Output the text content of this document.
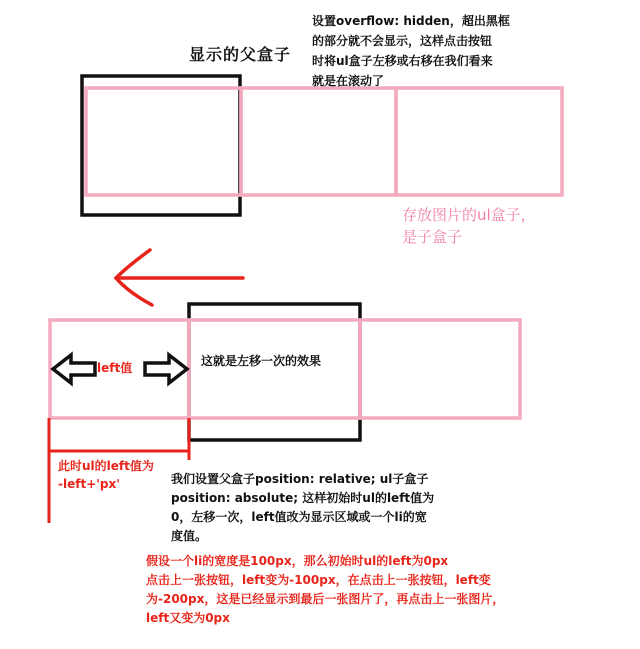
显示的父盒子
设置overflow: hidden，超出黑框
的部分就不会显示，这样点击按钮
时将ul盒子左移或右移在我们看来
就是在滚动了
存放图片的ul盒子，
是子盒子
left值	这就是左移一次的效果
此时ul的left值为
-left+'px'	我们设置父盒子position: relative; ul子盒子
position: absolute; 这样初始时ul的left值为
0，左移一次，left值改为显示区域或一个li的宽
度值。
假设一个li的宽度是100px，那么初始时ul的left为0px
点击上一张按钮，left变为-100px，在点击上一张按钮，left变
为-200px，这是已经显示到最后一张图片了，再点击上一张图片，
left又变为0px
